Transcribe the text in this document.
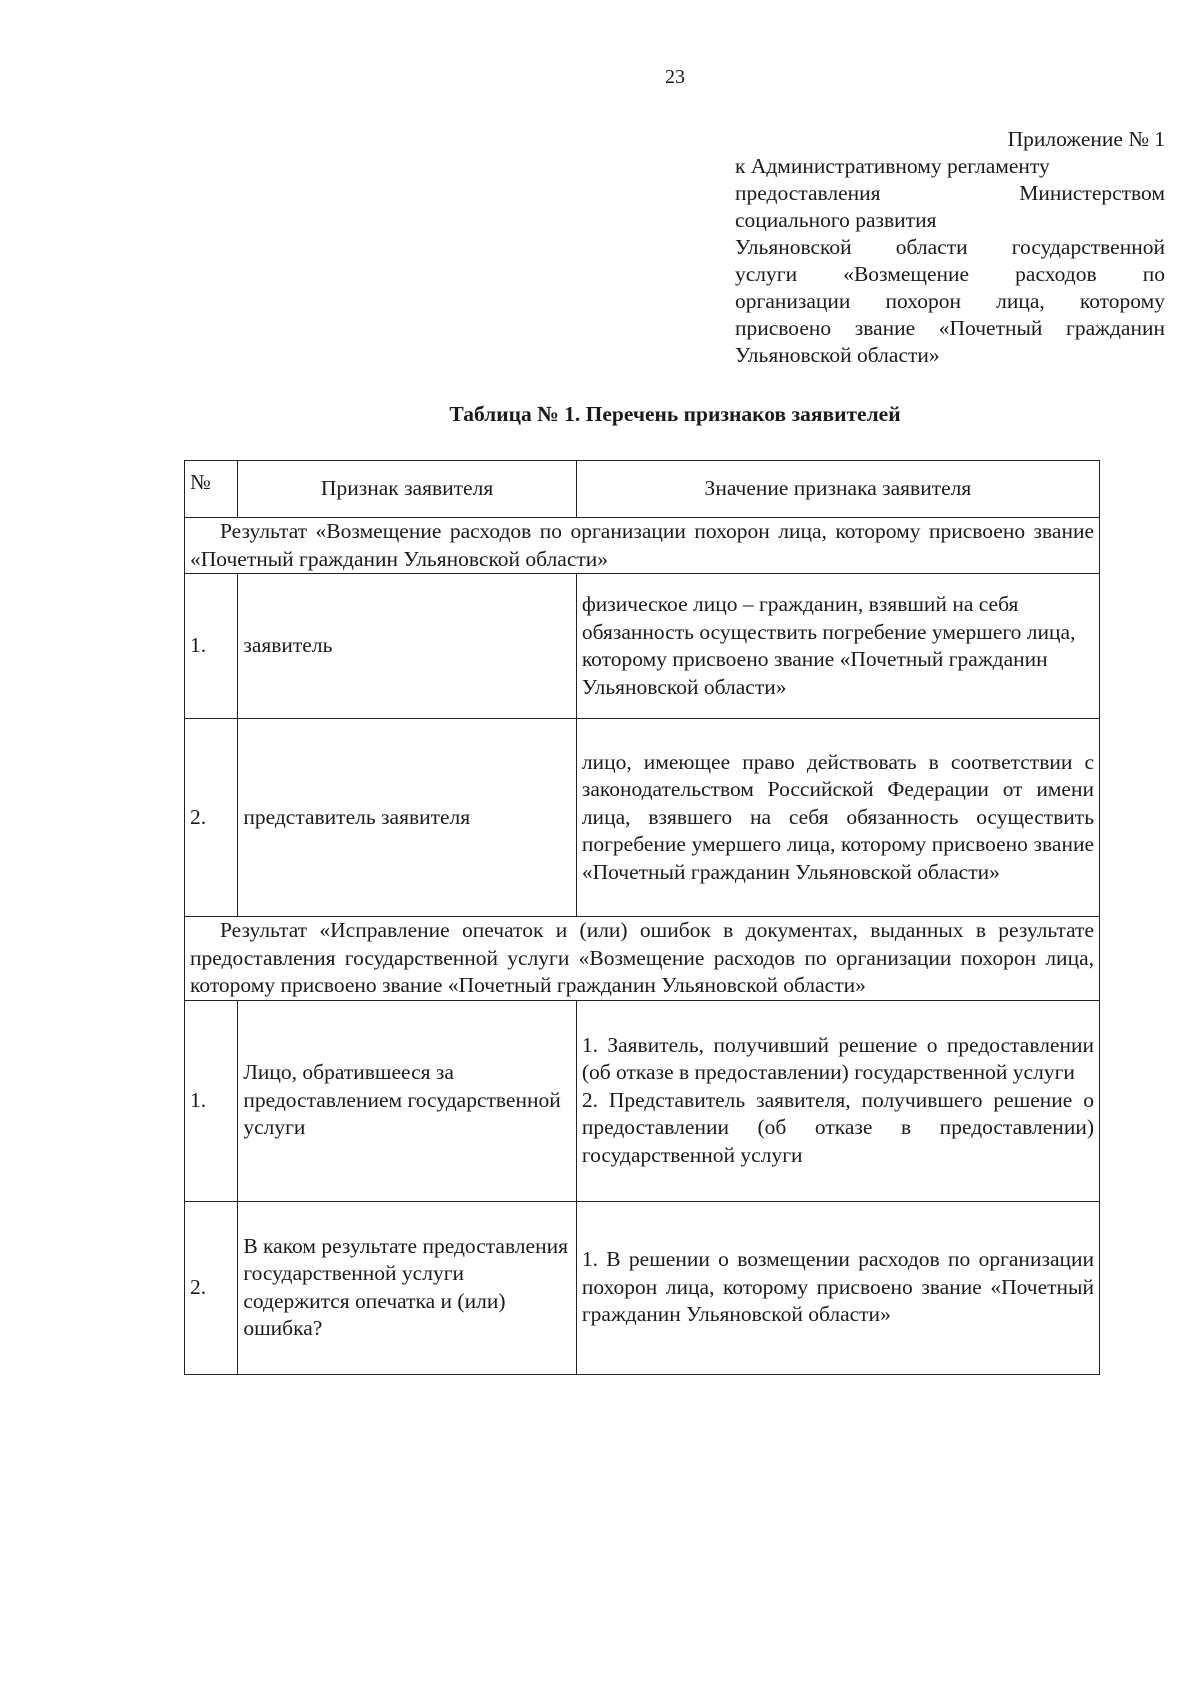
23
Приложение № 1
к Административному регламенту
предоставления Министерством
социального развития
Ульяновской области государственной
услуги «Возмещение расходов по
организации похорон лица, которому
присвоено звание «Почетный гражданин
Ульяновской области»
Таблица № 1. Перечень признаков заявителей
№	Признак заявителя	Значение признака заявителя
Результат «Возмещение расходов по организации похорон лица, которому присвоено звание «Почетный гражданин Ульяновской области»		
1.	заявитель	физическое лицо – гражданин, взявший на себя обязанность осуществить погребение умершего лица, которому присвоено звание «Почетный гражданин Ульяновской области»
2.	представитель заявителя	лицо, имеющее право действовать в соответствии с законодательством Российской Федерации от имени лица, взявшего на себя обязанность осуществить погребение умершего лица, которому присвоено звание «Почетный гражданин Ульяновской области»
Результат «Исправление опечаток и (или) ошибок в документах, выданных в результате предоставления государственной услуги «Возмещение расходов по организации похорон лица, которому присвоено звание «Почетный гражданин Ульяновской области»		
1.	Лицо, обратившееся за предоставлением государственной услуги	1. Заявитель, получивший решение о предоставлении (об отказе в предоставлении) государственной услуги
2. Представитель заявителя, получившего решение о предоставлении (об отказе в предоставлении) государственной услуги

2.	В каком результате предоставления государственной услуги содержится опечатка и (или) ошибка?	1. В решении о возмещении расходов по организации похорон лица, которому присвоено звание «Почетный гражданин Ульяновской области»
